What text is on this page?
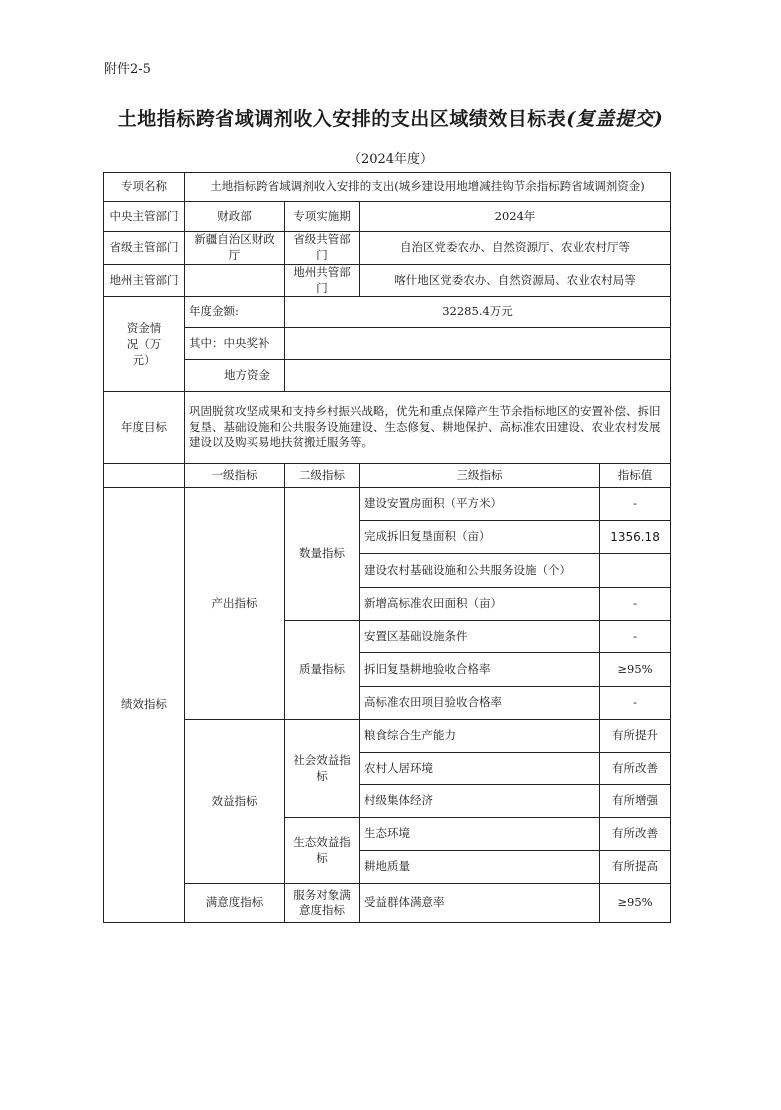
附件2-5
土地指标跨省域调剂收入安排的支出区域绩效目标表(复盖提交)
（2024年度）
专项名称	土地指标跨省域调剂收入安排的支出(城乡建设用地增减挂钩节余指标跨省域调剂资金)			
中央主管部门	财政部	专项实施期	2024年	
省级主管部门	新疆自治区财政厅	省级共管部门	自治区党委农办、自然资源厅、农业农村厅等	
地州主管部门		地州共管部门	喀什地区党委农办、自然资源局、农业农村局等	
资金情况（万元）	年度金额:	32285.4万元		
	其中：中央奖补			
	地方资金			
年度目标	巩固脱贫攻坚成果和支持乡村振兴战略，优先和重点保障产生节余指标地区的安置补偿、拆旧复垦、基础设施和公共服务设施建设、生态修复、耕地保护、高标准农田建设、农业农村发展建设以及购买易地扶贫搬迁服务等。			
	一级指标	二级指标	三级指标	指标值
绩效指标	产出指标	数量指标	建设安置房面积（平方米）	-
			完成拆旧复垦面积（亩）	1356.18
			建设农村基础设施和公共服务设施（个）	
			新增高标准农田面积（亩）	-
		质量指标	安置区基础设施条件	-
			拆旧复垦耕地验收合格率	≥95%
			高标准农田项目验收合格率	-
	效益指标	社会效益指标	粮食综合生产能力	有所提升
			农村人居环境	有所改善
			村级集体经济	有所增强
		生态效益指标	生态环境	有所改善
			耕地质量	有所提高
	满意度指标	服务对象满意度指标	受益群体满意率	≥95%
